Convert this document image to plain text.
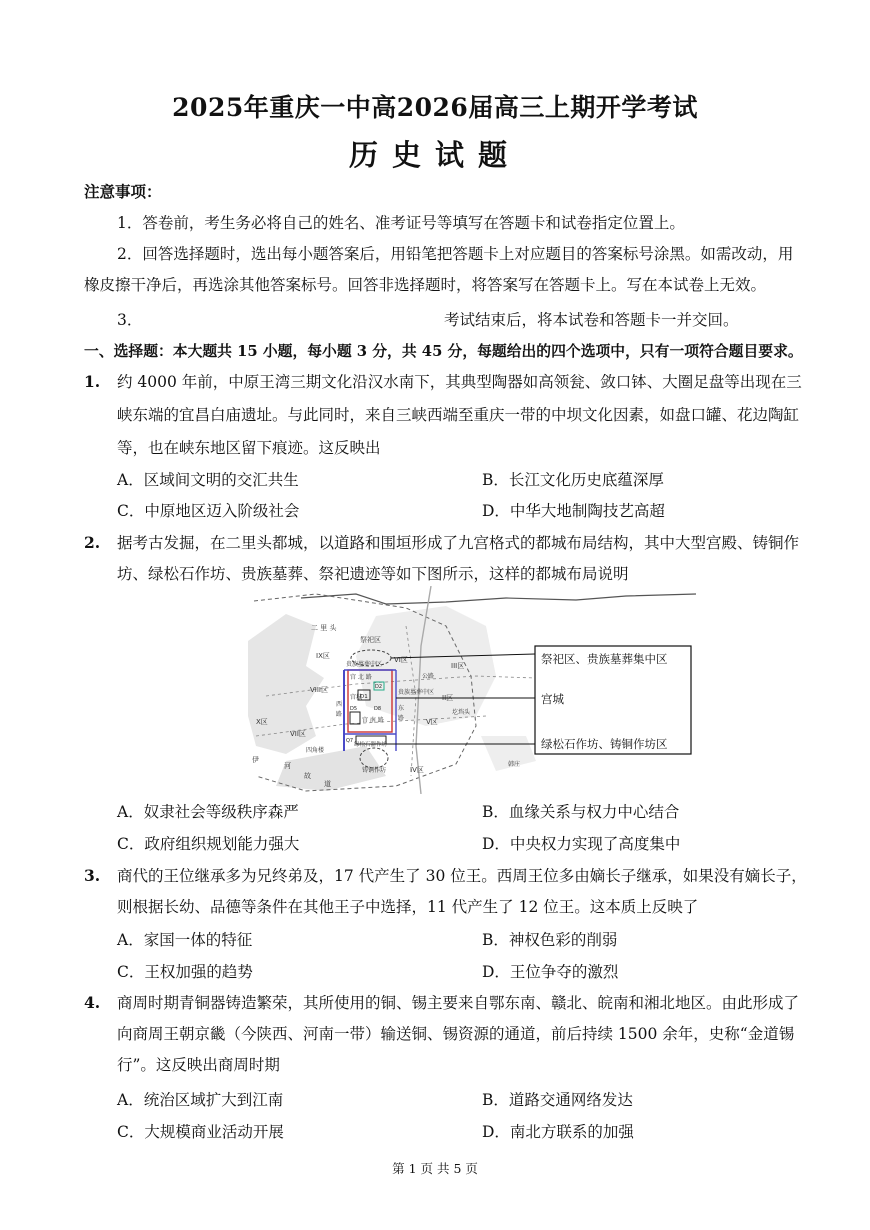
2025年重庆一中高2026届高三上期开学考试
历史试题
注意事项：
1．答卷前，考生务必将自己的姓名、准考证号等填写在答题卡和试卷指定位置上。
2．回答选择题时，选出每小题答案后，用铅笔把答题卡上对应题目的答案标号涂黑。如需改动，用
橡皮擦干净后，再选涂其他答案标号。回答非选择题时，将答案写在答题卡上。写在本试卷上无效。
3．	考试结束后，将本试卷和答题卡一并交回。
一、选择题：本大题共 15 小题，每小题 3 分，共 45 分，每题给出的四个选项中，只有一项符合题目要求。
1. 约 4000 年前，中原王湾三期文化沿汉水南下，其典型陶器如高领瓮、敛口钵、大圈足盘等出现在三
峡东端的宜昌白庙遗址。与此同时，来自三峡西端至重庆一带的中坝文化因素，如盘口罐、花边陶缸
等，也在峡东地区留下痕迹。这反映出
A．区域间文明的交汇共生	B．长江文化历史底蕴深厚
C．中原地区迈入阶级社会	D．中华大地制陶技艺高超
2. 据考古发掘，在二里头都城，以道路和围垣形成了九宫格式的都城布局结构，其中大型宫殿、铸铜作
坊、绿松石作坊、贵族墓葬、祭祀遗迹等如下图所示，这样的都城布局说明
二 里 头
祭祀区
IX区	VI区
III区
VIII区
II区
X区
IV区
V区
VII区
贵族墓葬中区
宫 北 路
宫城
贵族墓葬中区
西
路
东
路
宫 南 路
绿松石器作坊
铸铜作坊
四角楼
公路
伊
河
故
道
圪垱头
韩庄
D1
D2
D5	D8
Q7
祭祀区、贵族墓葬集中区
宫城
绿松石作坊、铸铜作坊区
A．奴隶社会等级秩序森严	B．血缘关系与权力中心结合
C．政府组织规划能力强大	D．中央权力实现了高度集中
3. 商代的王位继承多为兄终弟及，17 代产生了 30 位王。西周王位多由嫡长子继承，如果没有嫡长子，
则根据长幼、品德等条件在其他王子中选择，11 代产生了 12 位王。这本质上反映了
A．家国一体的特征	B．神权色彩的削弱
C．王权加强的趋势	D．王位争夺的激烈
4. 商周时期青铜器铸造繁荣，其所使用的铜、锡主要来自鄂东南、赣北、皖南和湘北地区。由此形成了
向商周王朝京畿（今陕西、河南一带）输送铜、锡资源的通道，前后持续 1500 余年，史称“金道锡
行”。这反映出商周时期
A．统治区域扩大到江南	B．道路交通网络发达
C．大规模商业活动开展	D．南北方联系的加强
第 1 页 共 5 页
